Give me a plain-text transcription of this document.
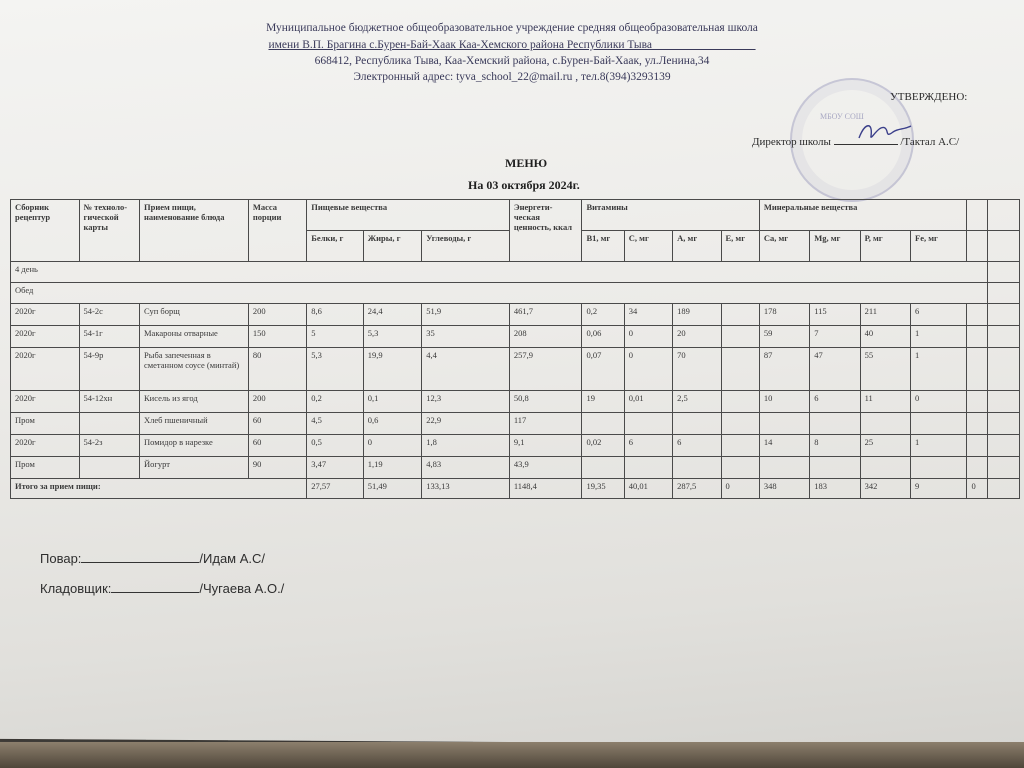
Муниципальное бюджетное общеобразовательное учреждение средняя общеобразовательная школа
имени В.П. Брагина с.Бурен-Бай-Хаак Каа-Хемского района Республики Тыва__________________
668412, Республика Тыва, Каа-Хемский района, с.Бурен-Бай-Хаак, ул.Ленина,34
Электронный адрес: tyva_school_22@mail.ru , тел.8(394)3293139
МБОУ СОШ
УТВЕРЖДЕНО:
Директор школы	/Тактал А.С/
МЕНЮ
На 03 октября 2024г.
Сборник рецептур	№ техноло-гической карты	Прием пищи, наименование блюда	Масса порции	Пищевые вещества			Энергети-ческая ценность, ккал	Витамины				Минеральные вещества					
				Белки, г	Жиры, г	Углеводы, г		В1, мг	С, мг	А, мг	Е, мг	Са, мг	Mg, мг	Р, мг	Fe, мг		
4 день																	
Обед																	
2020г	54-2с	Суп борщ	200	8,6	24,4	51,9	461,7	0,2	34	189		178	115	211	6		
2020г	54-1г	Макароны отварные	150	5	5,3	35	208	0,06	0	20		59	7	40	1		
2020г	54-9р	Рыба запеченная в сметанном соусе (минтай)	80	5,3	19,9	4,4	257,9	0,07	0	70		87	47	55	1		
2020г	54-12хн	Кисель из ягод	200	0,2	0,1	12,3	50,8	19	0,01	2,5		10	6	11	0		
Пром		Хлеб пшеничный	60	4,5	0,6	22,9	117										
2020г	54-2з	Помидор в нарезке	60	0,5	0	1,8	9,1	0,02	6	6		14	8	25	1		
Пром		Йогурт	90	3,47	1,19	4,83	43,9										
Итого за прием пищи:				27,57	51,49	133,13	1148,4	19,35	40,01	287,5	0	348	183	342	9	0	
Повар:	/Идам А.С/
Кладовщик:	/Чугаева А.О./
